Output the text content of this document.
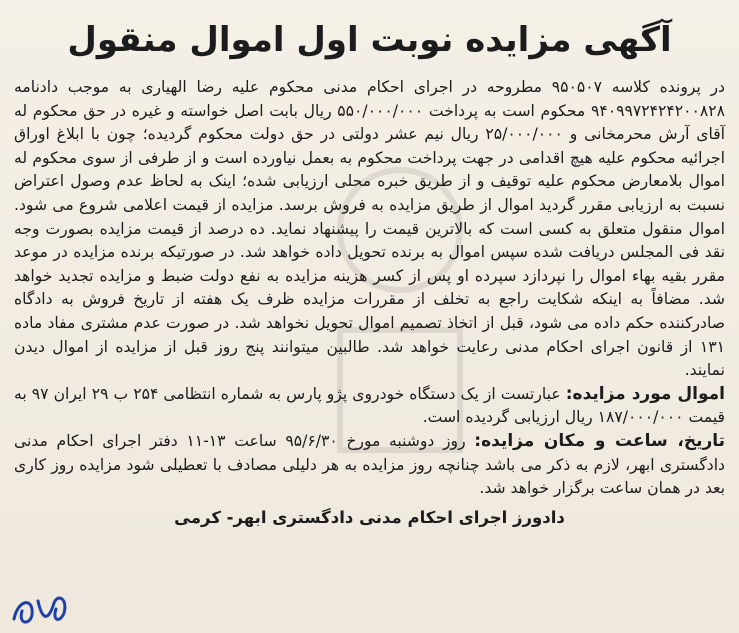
آگهی مزایده نوبت اول اموال منقول

در پرونده کلاسه ۹۵۰۵۰۷ مطروحه در اجرای احکام مدنی محکوم علیه رضا الهیاری به موجب دادنامه ۹۴۰۹۹۷۲۴۲۴۲۰۰۸۲۸ محکوم است به پرداخت ۵۵۰/۰۰۰/۰۰۰ ریال بابت اصل خواسته و غیره در حق محکوم له آقای آرش محرمخانی و ۲۵/۰۰۰/۰۰۰ ریال نیم عشر دولتی در حق دولت محکوم گردیده؛ چون با ابلاغ اوراق اجرائیه محکوم علیه هیچ اقدامی در جهت پرداخت محکوم به بعمل نیاورده است و از طرفی از سوی محکوم له اموال بلامعارض محکوم علیه توقیف و از طریق خبره محلی ارزیابی شده؛ اینک به لحاظ عدم وصول اعتراض نسبت به ارزیابی مقرر گردید اموال از طریق مزایده به فروش برسد. مزایده از قیمت اعلامی شروع می شود. اموال منقول متعلق به کسی است که بالاترین قیمت را پیشنهاد نماید. ده درصد از قیمت مزایده بصورت وجه نقد فی المجلس دریافت شده سپس اموال به برنده تحویل داده خواهد شد. در صورتیکه برنده مزایده در موعد مقرر بقیه بهاء اموال را نپردازد سپرده او پس از کسر هزینه مزایده به نفع دولت ضبط و مزایده تجدید خواهد شد. مضافاً به اینکه شکایت راجع به تخلف از مقررات مزایده ظرف یک هفته از تاریخ فروش به دادگاه صادرکننده حکم داده می شود، قبل از اتخاذ تصمیم اموال تحویل نخواهد شد. در صورت عدم مشتری مفاد ماده ۱۳۱ از قانون اجرای احکام مدنی رعایت خواهد شد. طالبین میتوانند پنج روز قبل از مزایده از اموال دیدن نمایند.

اموال مورد مزایده: عبارتست از یک دستگاه خودروی پژو پارس به شماره انتظامی ۲۵۴ ب ۲۹ ایران ۹۷ به قیمت ۱۸۷/۰۰۰/۰۰۰ ریال ارزیابی گردیده است.

تاریخ، ساعت و مکان مزایده: روز دوشنبه مورخ ۹۵/۶/۳۰ ساعت ۱۳-۱۱ دفتر اجرای احکام مدنی دادگستری ابهر، لازم به ذکر می باشد چنانچه روز مزایده به هر دلیلی مصادف با تعطیلی شود مزایده روز کاری بعد در همان ساعت برگزار خواهد شد.

دادورز اجرای احکام مدنی دادگستری ابهر- کرمی
